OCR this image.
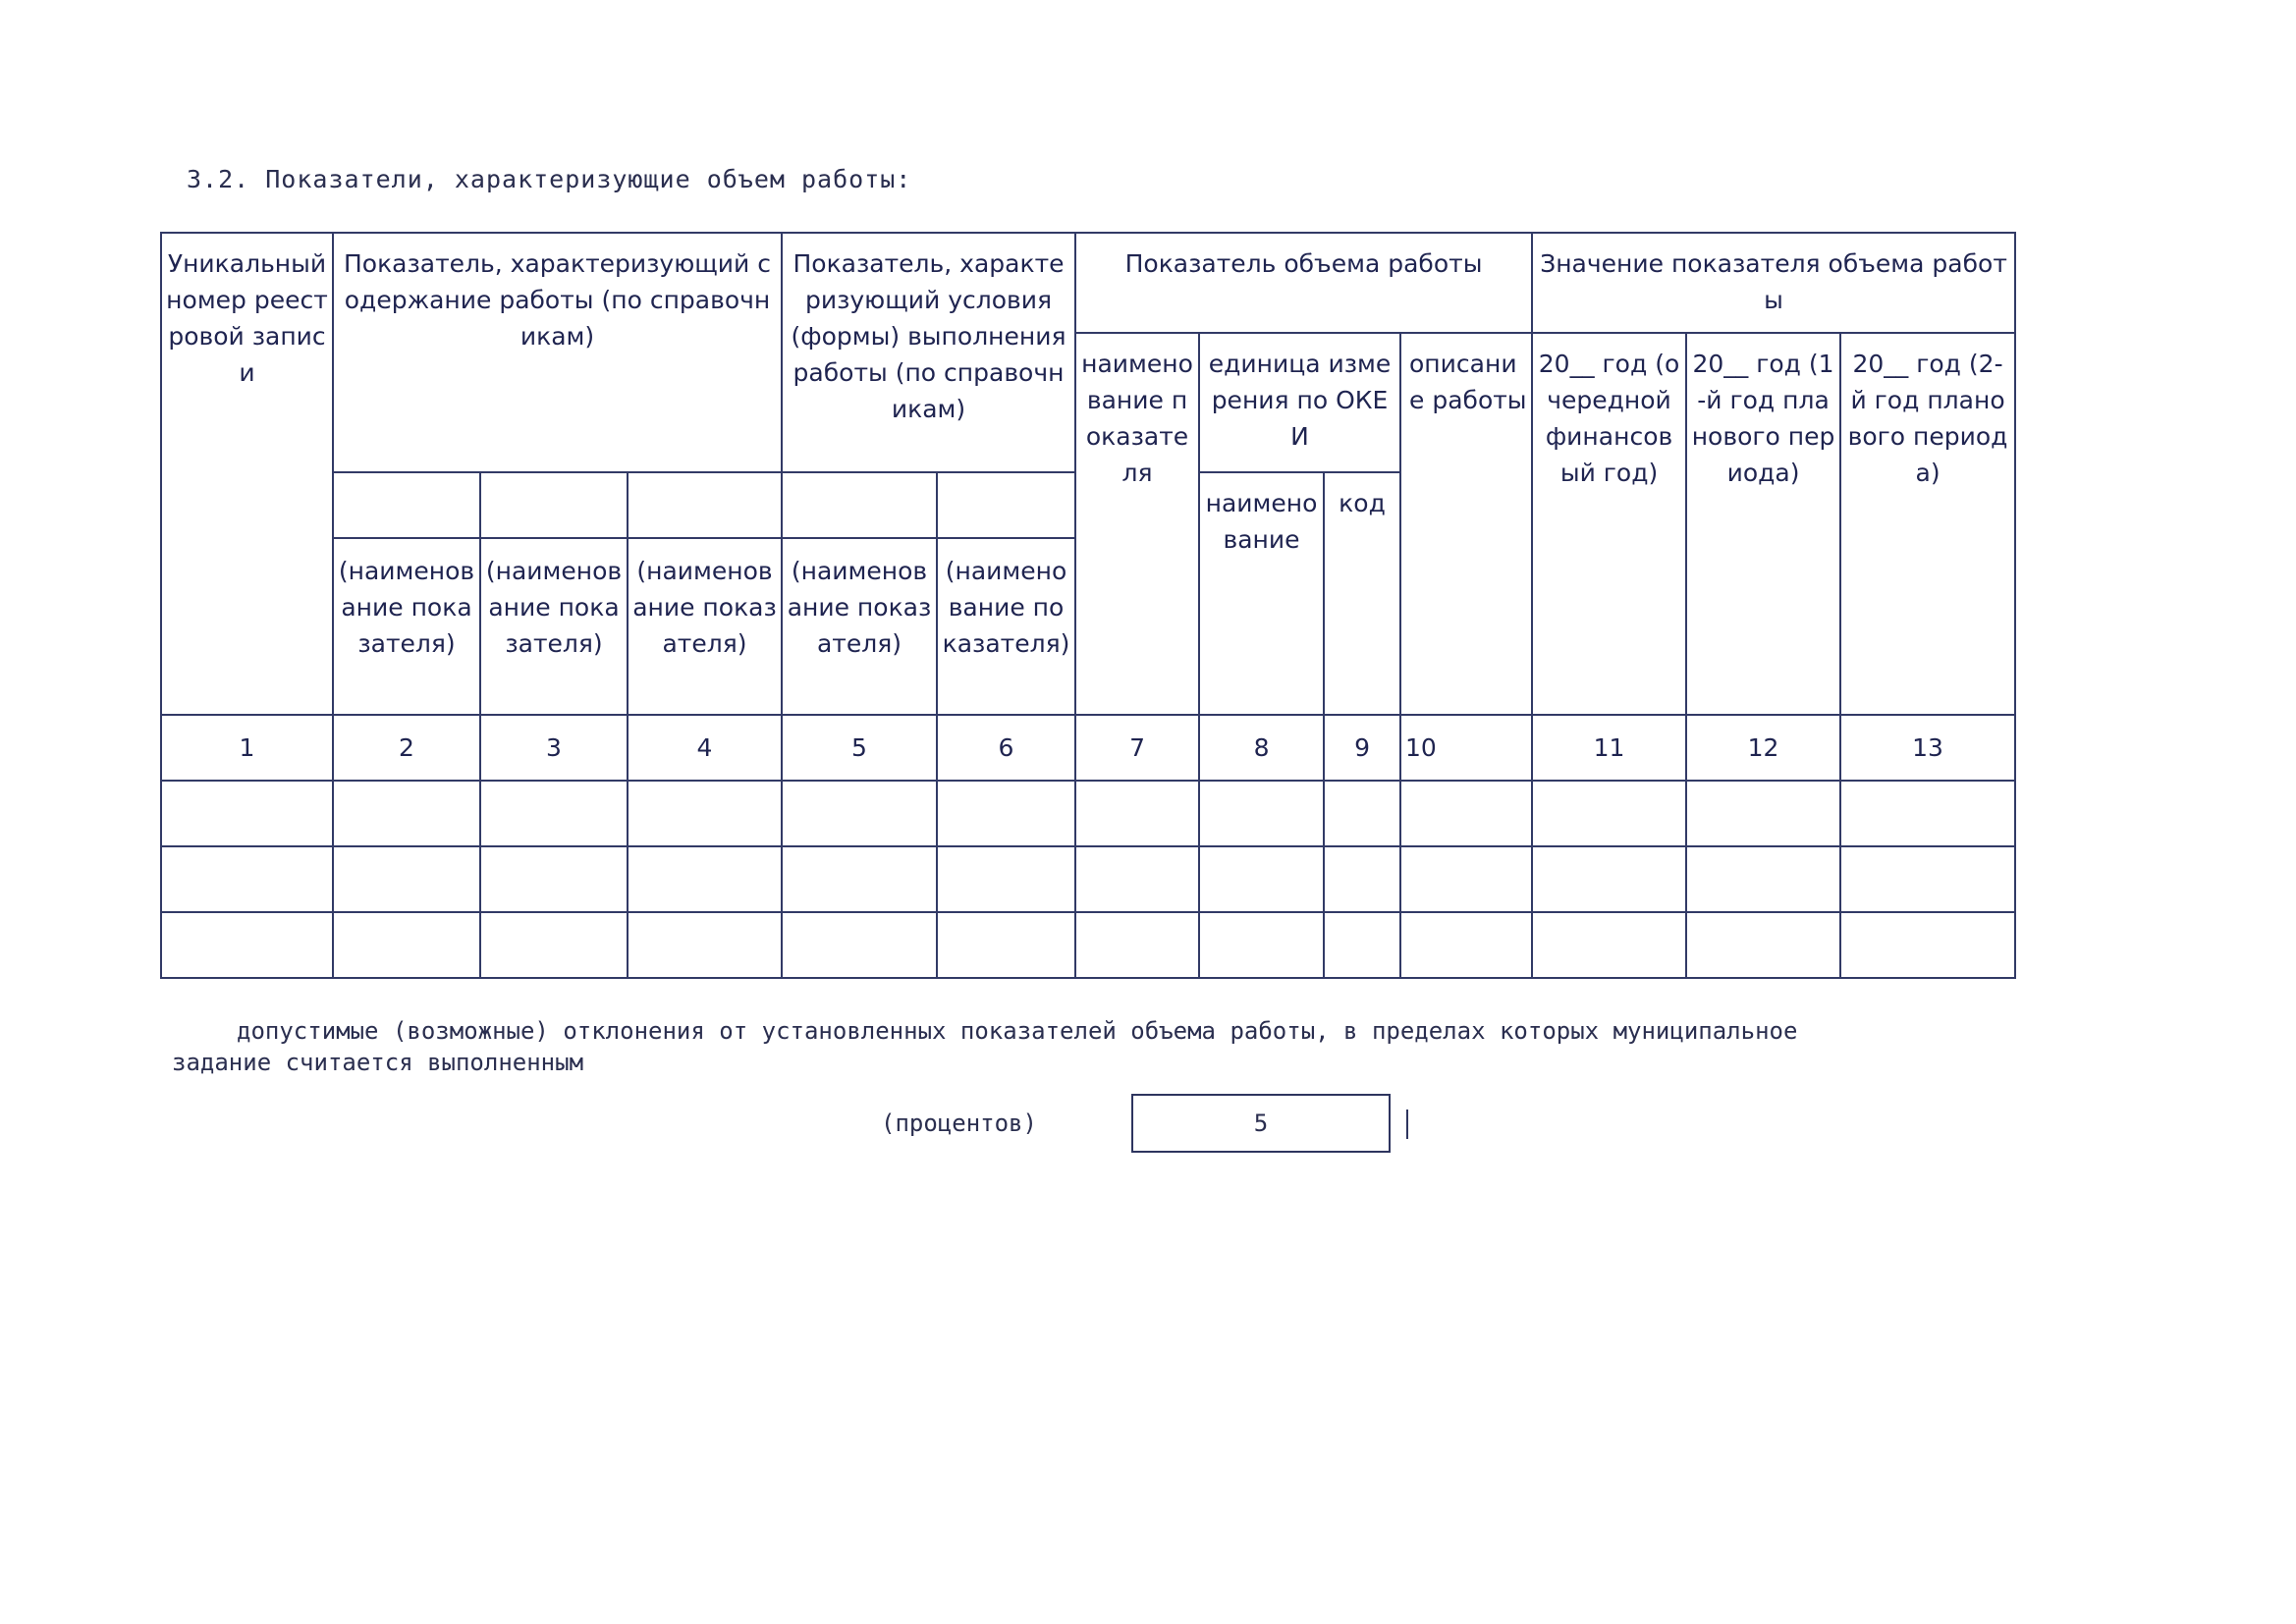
3.2. Показатели, характеризующие объем работы:
Уникальный номер реестровой записи	Показатель, характеризующий содержание работы (по справочникам)			Показатель, характеризующий условия (формы) выполнения работы (по справочникам)		Показатель объема работы				Значение показателя объема работы		
						наименование показателя	единица измерения по ОКЕИ		описание работы	20__ год (очередной финансовый год)	20__ год (1-й год планового периода)	20__ год (2-й год планового периода)
							наименование	код				
	(наименование показателя)	(наименование показателя)	(наименование показателя)	(наименование показателя)	(наименование показателя)							
1	2	3	4	5	6	7	8	9	10	11	12	13

допустимые (возможные) отклонения от установленных показателей объема работы, в пределах которых муниципальное
задание считается выполненным
(процентов)	5
